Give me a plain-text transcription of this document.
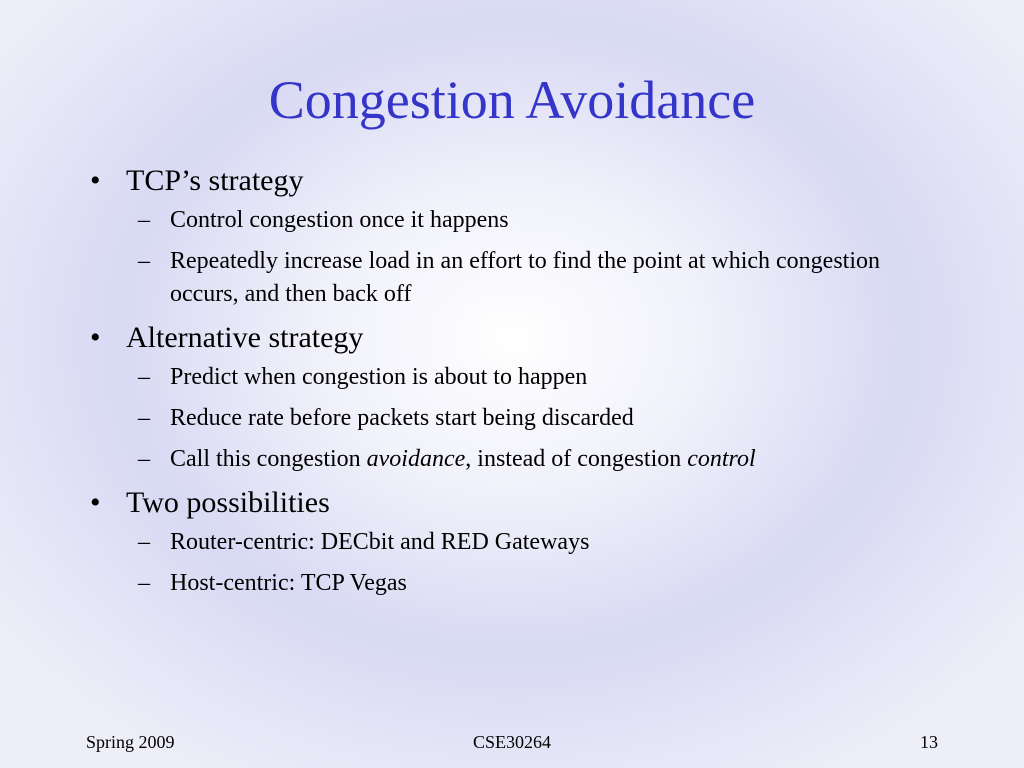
Congestion Avoidance
• TCP’s strategy
– Control congestion once it happens
– Repeatedly increase load in an effort to find the point at which congestion occurs, and then back off
• Alternative strategy
– Predict when congestion is about to happen
– Reduce rate before packets start being discarded
– Call this congestion avoidance, instead of congestion control
• Two possibilities
– Router-centric: DECbit and RED Gateways
– Host-centric: TCP Vegas
Spring 2009	CSE30264	13
